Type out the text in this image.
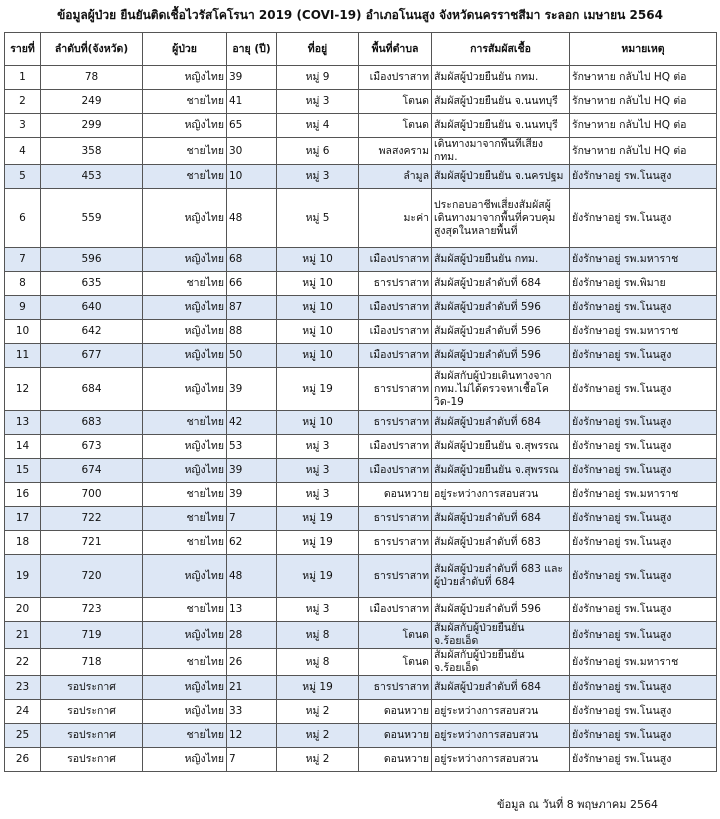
ข้อมูลผู้ป่วย ยืนยันติดเชื้อไวรัสโคโรนา 2019 (COVI-19) อำเภอโนนสูง จังหวัดนครราชสีมา ระลอก เมษายน 2564
รายที่	ลำดับที่(จังหวัด)	ผู้ป่วย	อายุ (ปี)	ที่อยู่	พื้นที่ตำบล	การสัมผัสเชื้อ	หมายเหตุ
1	78	หญิงไทย	39	หมู่ 9	เมืองปราสาท	สัมผัสผู้ป่วยยืนยัน กทม.	รักษาหาย กลับไป HQ ต่อ
2	249	ชายไทย	41	หมู่ 3	โตนด	สัมผัสผู้ป่วยยืนยัน จ.นนทบุรี	รักษาหาย กลับไป HQ ต่อ
3	299	หญิงไทย	65	หมู่ 4	โตนด	สัมผัสผู้ป่วยยืนยัน จ.นนทบุรี	รักษาหาย กลับไป HQ ต่อ
4	358	ชายไทย	30	หมู่ 6	พลสงคราม	เดินทางมาจากพื้นที่เสี่ยง กทม.	รักษาหาย กลับไป HQ ต่อ
5	453	ชายไทย	10	หมู่ 3	ลำมูล	สัมผัสผู้ป่วยยืนยัน จ.นครปฐม	ยังรักษาอยู่ รพ.โนนสูง
6	559	หญิงไทย	48	หมู่ 5	มะค่า	ประกอบอาชีพเสี่ยงสัมผัสผู้เดินทางมาจากพื้นที่ควบคุมสูงสุดในหลายพื้นที่	ยังรักษาอยู่ รพ.โนนสูง
7	596	หญิงไทย	68	หมู่ 10	เมืองปราสาท	สัมผัสผู้ป่วยยืนยัน กทม.	ยังรักษาอยู่ รพ.มหาราช
8	635	ชายไทย	66	หมู่ 10	ธารปราสาท	สัมผัสผู้ป่วยลำดับที่ 684	ยังรักษาอยู่ รพ.พิมาย
9	640	หญิงไทย	87	หมู่ 10	เมืองปราสาท	สัมผัสผู้ป่วยลำดับที่ 596	ยังรักษาอยู่ รพ.โนนสูง
10	642	หญิงไทย	88	หมู่ 10	เมืองปราสาท	สัมผัสผู้ป่วยลำดับที่ 596	ยังรักษาอยู่ รพ.มหาราช
11	677	หญิงไทย	50	หมู่ 10	เมืองปราสาท	สัมผัสผู้ป่วยลำดับที่ 596	ยังรักษาอยู่ รพ.โนนสูง
12	684	หญิงไทย	39	หมู่ 19	ธารปราสาท	สัมผัสกับผู้ป่วยเดินทางจาก กทม.ไม่ได้ตรวจหาเชื้อโควิด-19	ยังรักษาอยู่ รพ.โนนสูง
13	683	ชายไทย	42	หมู่ 10	ธารปราสาท	สัมผัสผู้ป่วยลำดับที่ 684	ยังรักษาอยู่ รพ.โนนสูง
14	673	หญิงไทย	53	หมู่ 3	เมืองปราสาท	สัมผัสผู้ป่วยยืนยัน จ.สุพรรณ	ยังรักษาอยู่ รพ.โนนสูง
15	674	หญิงไทย	39	หมู่ 3	เมืองปราสาท	สัมผัสผู้ป่วยยืนยัน จ.สุพรรณ	ยังรักษาอยู่ รพ.โนนสูง
16	700	ชายไทย	39	หมู่ 3	ดอนหวาย	อยู่ระหว่างการสอบสวน	ยังรักษาอยู่ รพ.มหาราช
17	722	ชายไทย	7	หมู่ 19	ธารปราสาท	สัมผัสผู้ป่วยลำดับที่ 684	ยังรักษาอยู่ รพ.โนนสูง
18	721	ชายไทย	62	หมู่ 19	ธารปราสาท	สัมผัสผู้ป่วยลำดับที่ 683	ยังรักษาอยู่ รพ.โนนสูง
19	720	หญิงไทย	48	หมู่ 19	ธารปราสาท	สัมผัสผู้ป่วยลำดับที่ 683 และผู้ป่วยลำดับที่ 684	ยังรักษาอยู่ รพ.โนนสูง
20	723	ชายไทย	13	หมู่ 3	เมืองปราสาท	สัมผัสผู้ป่วยลำดับที่ 596	ยังรักษาอยู่ รพ.โนนสูง
21	719	หญิงไทย	28	หมู่ 8	โตนด	สัมผัสกับผู้ป่วยยืนยัน จ.ร้อยเอ็ด	ยังรักษาอยู่ รพ.โนนสูง
22	718	ชายไทย	26	หมู่ 8	โตนด	สัมผัสกับผู้ป่วยยืนยัน จ.ร้อยเอ็ด	ยังรักษาอยู่ รพ.มหาราช
23	รอประกาศ	หญิงไทย	21	หมู่ 19	ธารปราสาท	สัมผัสผู้ป่วยลำดับที่ 684	ยังรักษาอยู่ รพ.โนนสูง
24	รอประกาศ	หญิงไทย	33	หมู่ 2	ดอนหวาย	อยู่ระหว่างการสอบสวน	ยังรักษาอยู่ รพ.โนนสูง
25	รอประกาศ	ชายไทย	12	หมู่ 2	ดอนหวาย	อยู่ระหว่างการสอบสวน	ยังรักษาอยู่ รพ.โนนสูง
26	รอประกาศ	หญิงไทย	7	หมู่ 2	ดอนหวาย	อยู่ระหว่างการสอบสวน	ยังรักษาอยู่ รพ.โนนสูง
ข้อมูล ณ วันที่ 8 พฤษภาคม 2564
